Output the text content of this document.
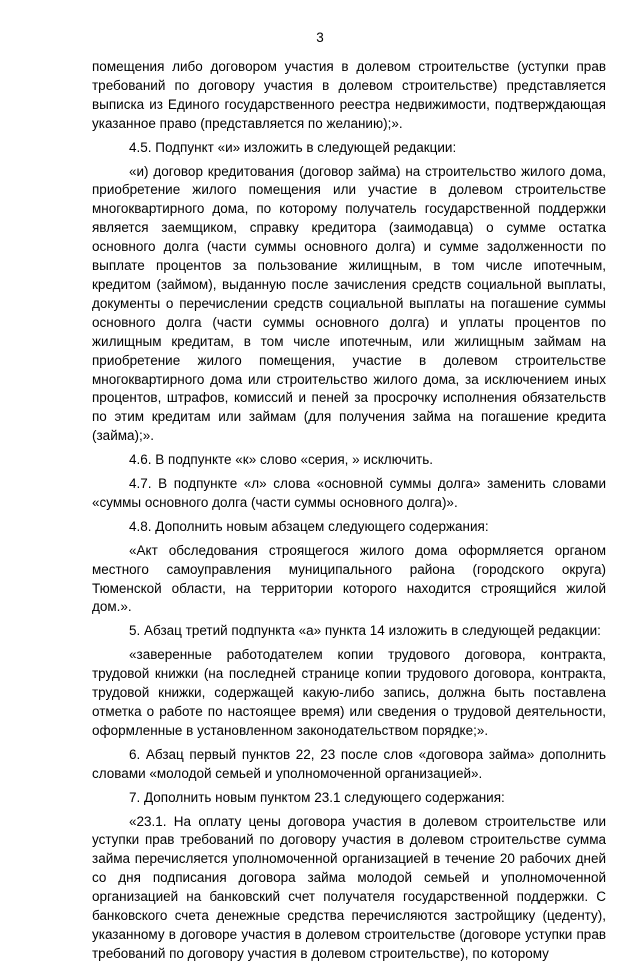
3

помещения либо договором участия в долевом строительстве (уступки прав требований по договору участия в долевом строительстве) представляется выписка из Единого государственного реестра недвижимости, подтверждающая указанное право (представляется по желанию);».

4.5. Подпункт «и» изложить в следующей редакции:

«и) договор кредитования (договор займа) на строительство жилого дома, приобретение жилого помещения или участие в долевом строительстве многоквартирного дома, по которому получатель государственной поддержки является заемщиком, справку кредитора (заимодавца) о сумме остатка основного долга (части суммы основного долга) и сумме задолженности по выплате процентов за пользование жилищным, в том числе ипотечным, кредитом (займом), выданную после зачисления средств социальной выплаты, документы о перечислении средств социальной выплаты на погашение суммы основного долга (части суммы основного долга) и уплаты процентов по жилищным кредитам, в том числе ипотечным, или жилищным займам на приобретение жилого помещения, участие в долевом строительстве многоквартирного дома или строительство жилого дома, за исключением иных процентов, штрафов, комиссий и пеней за просрочку исполнения обязательств по этим кредитам или займам (для получения займа на погашение кредита (займа);».

4.6. В подпункте «к» слово «серия, » исключить.

4.7. В подпункте «л» слова «основной суммы долга» заменить словами «суммы основного долга (части суммы основного долга)».

4.8. Дополнить новым абзацем следующего содержания:

«Акт обследования строящегося жилого дома оформляется органом местного самоуправления муниципального района (городского округа) Тюменской области, на территории которого находится строящийся жилой дом.».

5. Абзац третий подпункта «а» пункта 14 изложить в следующей редакции:

«заверенные работодателем копии трудового договора, контракта, трудовой книжки (на последней странице копии трудового договора, контракта, трудовой книжки, содержащей какую-либо запись, должна быть поставлена отметка о работе по настоящее время) или сведения о трудовой деятельности, оформленные в установленном законодательством порядке;».

6. Абзац первый пунктов 22, 23 после слов «договора займа» дополнить словами «молодой семьей и уполномоченной организацией».

7. Дополнить новым пунктом 23.1 следующего содержания:

«23.1. На оплату цены договора участия в долевом строительстве или уступки прав требований по договору участия в долевом строительстве сумма займа перечисляется уполномоченной организацией в течение 20 рабочих дней со дня подписания договора займа молодой семьей и уполномоченной организацией на банковский счет получателя государственной поддержки. С банковского счета денежные средства перечисляются застройщику (цеденту), указанному в договоре участия в долевом строительстве (договоре уступки прав требований по договору участия в долевом строительстве), по которому
